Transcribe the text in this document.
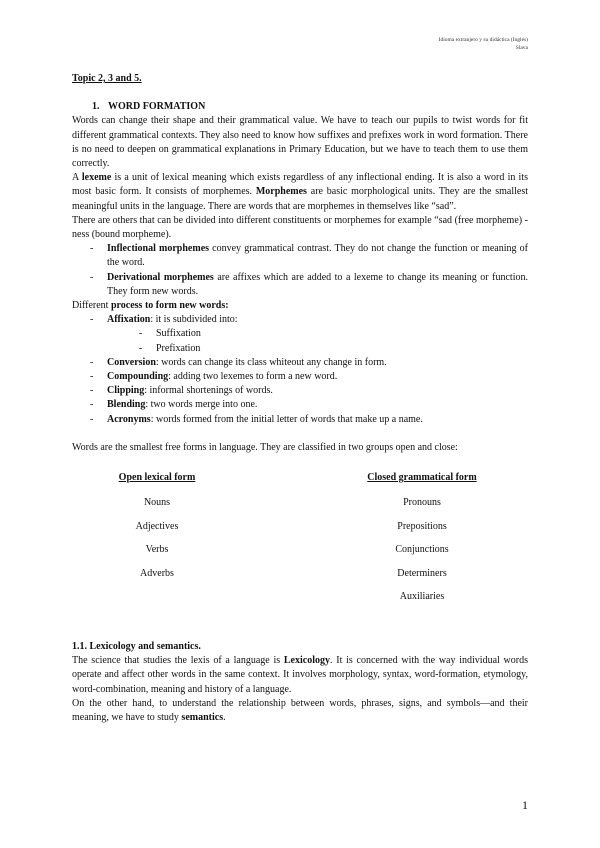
Idioma extranjero y su didáctica (Inglés)
Slava
Topic 2, 3 and 5.
1. WORD FORMATION

Words can change their shape and their grammatical value. We have to teach our pupils to twist words for fit different grammatical contexts. They also need to know how suffixes and prefixes work in word formation. There is no need to deepen on grammatical explanations in Primary Education, but we have to teach them to use them correctly.

A lexeme is a unit of lexical meaning which exists regardless of any inflectional ending. It is also a word in its most basic form. It consists of morphemes. Morphemes are basic morphological units. They are the smallest meaningful units in the language. There are words that are morphemes in themselves like “sad”.

There are others that can be divided into different constituents or morphemes for example “sad (free morpheme) -ness (bound morpheme).

- Inflectional morphemes convey grammatical contrast. They do not change the function or meaning of the word.
- Derivational morphemes are affixes which are added to a lexeme to change its meaning or function. They form new words.

Different process to form new words:

- Affixation: it is subdivided into:
- Suffixation
- Prefixation
- Conversion: words can change its class whiteout any change in form.
- Compounding: adding two lexemes to form a new word.
- Clipping: informal shortenings of words.
- Blending: two words merge into one.
- Acronyms: words formed from the initial letter of words that make up a name.

Words are the smallest free forms in language. They are classified in two groups open and close:

Open lexical form
Nouns
Adjectives
Verbs
Adverbs
Closed grammatical form
Pronouns
Prepositions
Conjunctions
Determiners
Auxiliaries
1.1. Lexicology and semantics.

The science that studies the lexis of a language is Lexicology. It is concerned with the way individual words operate and affect other words in the same context. It involves morphology, syntax, word-formation, etymology, word-combination, meaning and history of a language.

On the other hand, to understand the relationship between words, phrases, signs, and symbols—and their meaning, we have to study semantics.

1
